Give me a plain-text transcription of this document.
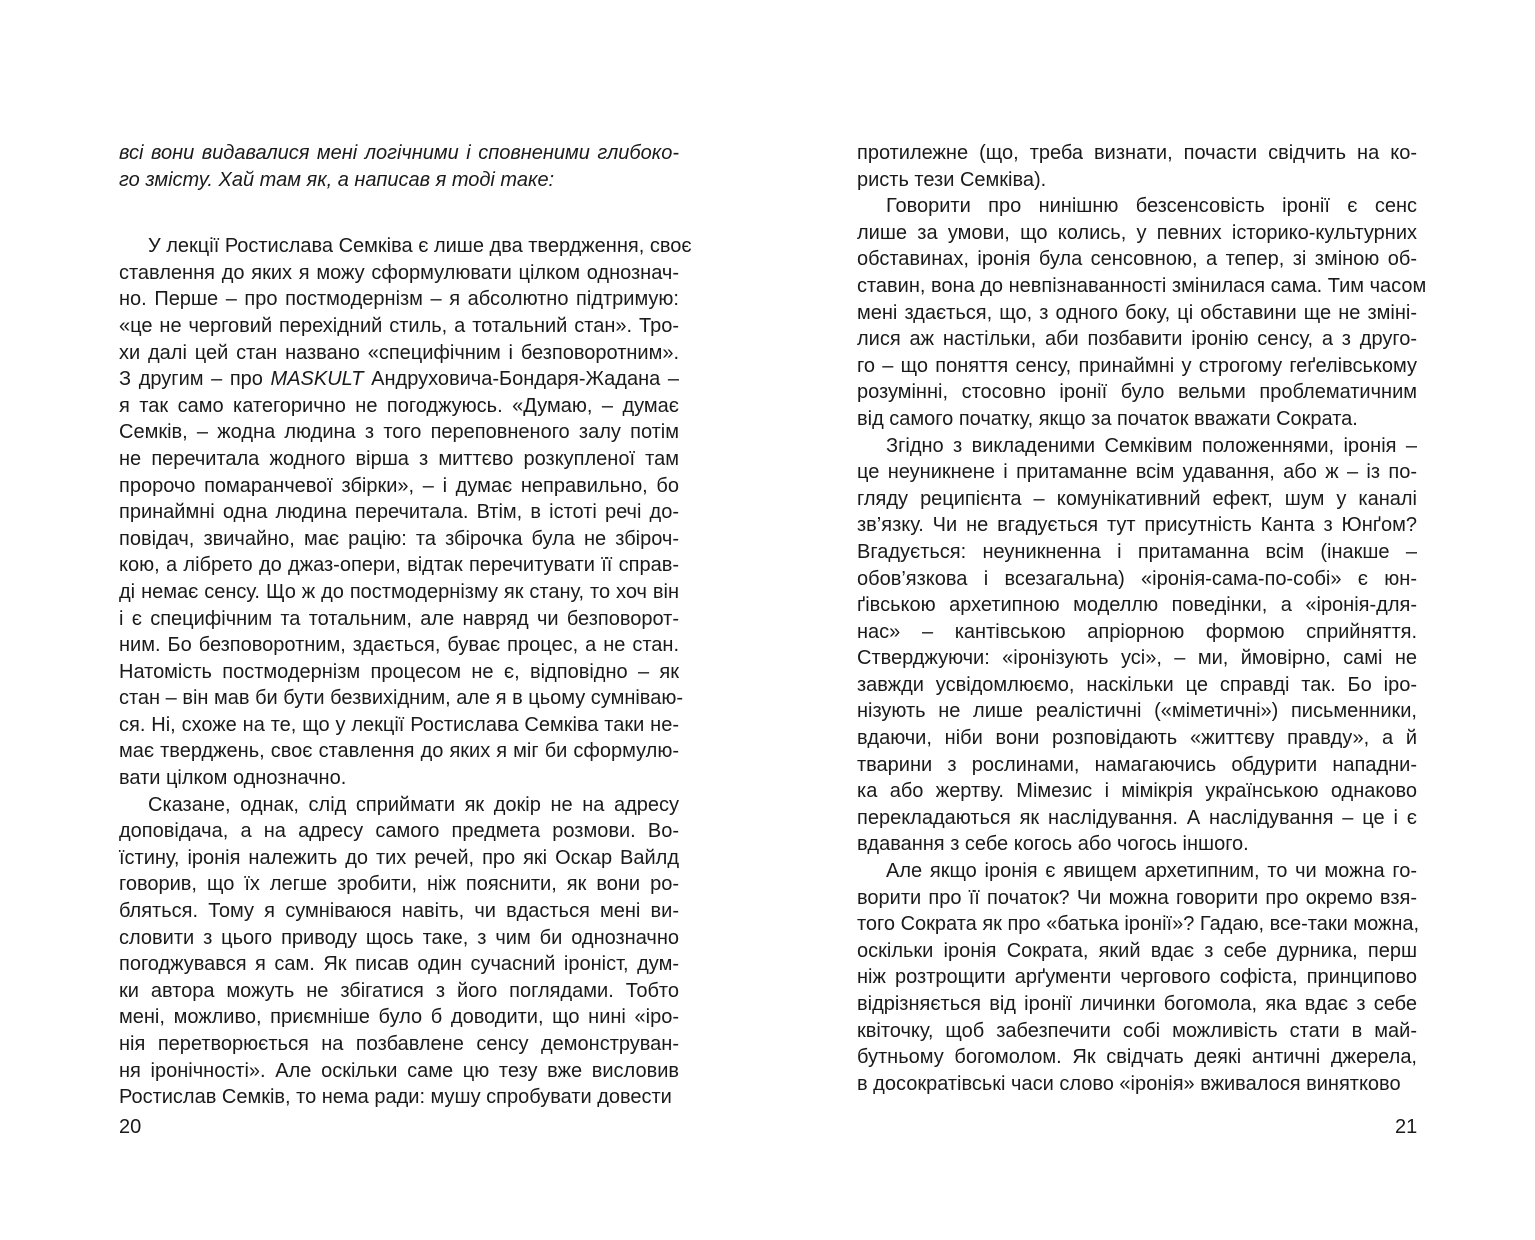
всі вони видавалися мені логічними і сповненими глибоко-
го змісту. Хай там як, а написав я тоді таке:
У лекції Ростислава Семківа є лише два твердження, своє
ставлення до яких я можу сформулювати цілком однознач-
но. Перше – про постмодернізм – я абсолютно підтримую:
«це не черговий перехідний стиль, а тотальний стан». Тро-
хи далі цей стан названо «специфічним і безповоротним».
З другим – про MASKULT Андруховича-Бондаря-Жадана –
я так само категорично не погоджуюсь. «Думаю, – думає
Семків, – жодна людина з того переповненого залу потім
не перечитала жодного вірша з миттєво розкупленої там
пророчо помаранчевої збірки», – і думає неправильно, бо
принаймні одна людина перечитала. Втім, в істоті речі до-
повідач, звичайно, має рацію: та збірочка була не збіроч-
кою, а лібрето до джаз-опери, відтак перечитувати її справ-
ді немає сенсу. Що ж до постмодернізму як стану, то хоч він
і є специфічним та тотальним, але навряд чи безповорот-
ним. Бо безповоротним, здається, буває процес, а не стан.
Натомість постмодернізм процесом не є, відповідно – як
стан – він мав би бути безвихідним, але я в цьому сумніваю-
ся. Ні, схоже на те, що у лекції Ростислава Семківа таки не-
має тверджень, своє ставлення до яких я міг би сформулю-
вати цілком однозначно.
Сказане, однак, слід сприймати як докір не на адресу
доповідача, а на адресу самого предмета розмови. Во-
їстину, іронія належить до тих речей, про які Оскар Вайлд
говорив, що їх легше зробити, ніж пояснити, як вони ро-
бляться. Тому я сумніваюся навіть, чи вдасться мені ви-
словити з цього приводу щось таке, з чим би однозначно
погоджувався я сам. Як писав один сучасний іроніст, дум-
ки автора можуть не збігатися з його поглядами. Тобто
мені, можливо, приємніше було б доводити, що нині «іро-
нія перетворюється на позбавлене сенсу демонструван-
ня іронічності». Але оскільки саме цю тезу вже висловив
Ростислав Семків, то нема ради: мушу спробувати довести
20
протилежне (що, треба визнати, почасти свідчить на ко-
ристь тези Семківа).
Говорити про нинішню безсенсовість іронії є сенс
лише за умови, що колись, у певних історико-культурних
обставинах, іронія була сенсовною, а тепер, зі зміною об-
ставин, вона до невпізнаванності змінилася сама. Тим часом
мені здається, що, з одного боку, ці обставини ще не змінi-
лися аж настільки, аби позбавити іронію сенсу, а з друго-
го – що поняття сенсу, принаймні у строгому геґелівському
розумінні, стосовно іронії було вельми проблематичним
від самого початку, якщо за початок вважати Сократа.
Згідно з викладеними Семківим положеннями, іронія –
це неуникнене і притаманне всім удавання, або ж – із по-
гляду реципієнта – комунікативний ефект, шум у каналі
зв’язку. Чи не вгадується тут присутність Канта з Юнґом?
Вгадується: неуникненна і притаманна всім (інакше –
обов’язкова і всезагальна) «іронія-сама-по-собі» є юн-
ґівською архетипною моделлю поведінки, а «іронія-для-
нас» – кантівською апріорною формою сприйняття.
Стверджуючи: «іронізують усі», – ми, ймовірно, самі не
завжди усвідомлюємо, наскільки це справді так. Бо іро-
нізують не лише реалістичні («міметичні») письменники,
вдаючи, ніби вони розповідають «життєву правду», а й
тварини з рослинами, намагаючись обдурити нападни-
ка або жертву. Мімезис і мімікрія українською однаково
перекладаються як наслідування. А наслідування – це і є
вдавання з себе когось або чогось іншого.
Але якщо іронія є явищем архетипним, то чи можна го-
ворити про її початок? Чи можна говорити про окремо взя-
того Сократа як про «батька іронії»? Гадаю, все-таки можна,
оскільки іронія Сократа, який вдає з себе дурника, перш
ніж розтрощити арґументи чергового софіста, принципово
відрізняється від іронії личинки богомола, яка вдає з себе
квіточку, щоб забезпечити собі можливість стати в май-
бутньому богомолом. Як свідчать деякі античні джерела,
в досократівські часи слово «іронія» вживалося винятково
21
